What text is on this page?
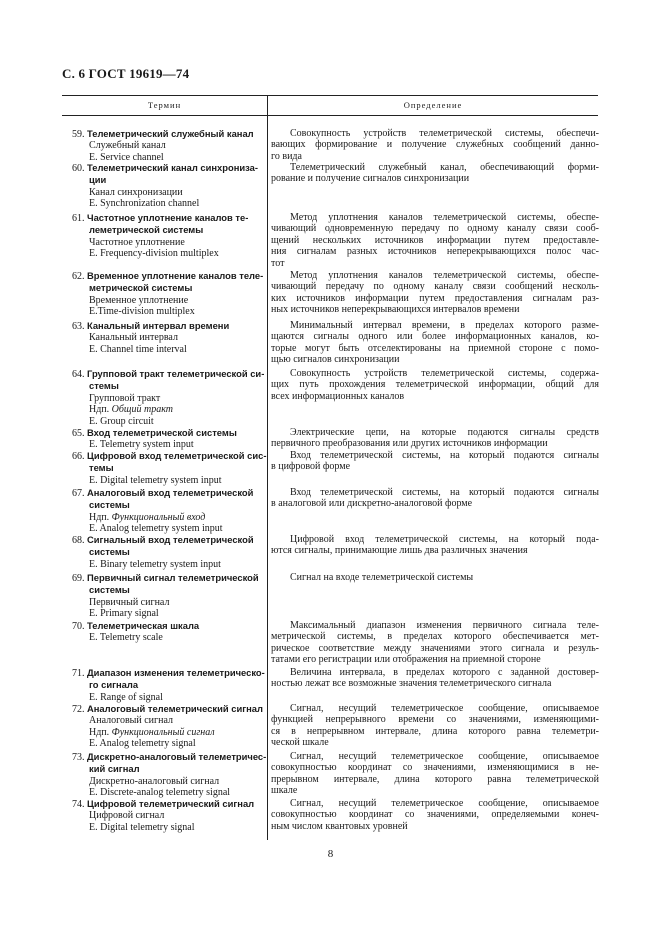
С. 6 ГОСТ 19619—74
Термин	Определение
59. Телеметрический служебный канал
Служебный канал
E. Service channel
60. Телеметрический канал синхрониза-
ции
Канал синхронизации
E. Synchronization channel
61. Частотное уплотнение каналов те-
леметрической системы
Частотное уплотнение
E. Frequency-division multiplex
62. Временное уплотнение каналов теле-
метрической системы
Временное уплотнение
E.Time-division multiplex
63. Канальный интервал времени
Канальный интервал
E. Channel time interval
64. Групповой тракт телеметрической си-
стемы
Групповой тракт
Ндп. Общий тракт
E. Group circuit
65. Вход телеметрической системы
E. Telemetry system input
66. Цифровой вход телеметрической сис-
темы
E. Digital telemetry system input
67. Аналоговый вход телеметрической
системы
Ндп. Функциональный вход
E. Analog telemetry system input
68. Сигнальный вход телеметрической
системы
E. Binary telemetry system input
69. Первичный сигнал телеметрической
системы
Первичный сигнал
E. Primary signal
70. Телеметрическая шкала
E. Telemetry scale
71. Диапазон изменения телеметрическо-
го сигнала
E. Range of signal
72. Аналоговый телеметрический сигнал
Аналоговый сигнал
Ндп. Функциональный сигнал
E. Analog telemetry signal
73. Дискретно-аналоговый телеметричес-
кий сигнал
Дискретно-аналоговый сигнал
E. Discrete-analog telemetry signal
74. Цифровой телеметрический сигнал
Цифровой сигнал
E. Digital telemetry signal
Совокупность устройств телеметрической системы, обеспечи-
вающих формирование и получение служебных сообщений данно-
го вида
Телеметрический служебный канал, обеспечивающий форми-
рование и получение сигналов синхронизации
Метод уплотнения каналов телеметрической системы, обеспе-
чивающий одновременную передачу по одному каналу связи сооб-
щений нескольких источников информации путем предоставле-
ния сигналам разных источников неперекрывающихся полос час-
тот
Метод уплотнения каналов телеметрической системы, обеспе-
чивающий передачу по одному каналу связи сообщений несколь-
ких источников информации путем предоставления сигналам раз-
ных источников неперекрывающихся интервалов времени
Минимальный интервал времени, в пределах которого разме-
щаются сигналы одного или более информационных каналов, ко-
торые могут быть отселектированы на приемной стороне с помо-
щью сигналов синхронизации
Совокупность устройств телеметрической системы, содержа-
щих путь прохождения телеметрической информации, общий для
всех информационных каналов
Электрические цепи, на которые подаются сигналы средств
первичного преобразования или других источников информации
Вход телеметрической системы, на который подаются сигналы
в цифровой форме
Вход телеметрической системы, на который подаются сигналы
в аналоговой или дискретно-аналоговой форме
Цифровой вход телеметрической системы, на который пода-
ются сигналы, принимающие лишь два различных значения
Сигнал на входе телеметрической системы
Максимальный диапазон изменения первичного сигнала теле-
метрической системы, в пределах которого обеспечивается мет-
рическое соответствие между значениями этого сигнала и резуль-
татами его регистрации или отображения на приемной стороне
Величина интервала, в пределах которого с заданной достовер-
ностью лежат все возможные значения телеметрического сигнала
Сигнал, несущий телеметрическое сообщение, описываемое
функцией непрерывного времени со значениями, изменяющими-
ся в непрерывном интервале, длина которого равна телеметри-
ческой шкале
Сигнал, несущий телеметрическое сообщение, описываемое
совокупностью координат со значениями, изменяющимися в не-
прерывном интервале, длина которого равна телеметрической
шкале
Сигнал, несущий телеметрическое сообщение, описываемое
совокупностью координат со значениями, определяемыми конеч-
ным числом квантовых уровней
8
